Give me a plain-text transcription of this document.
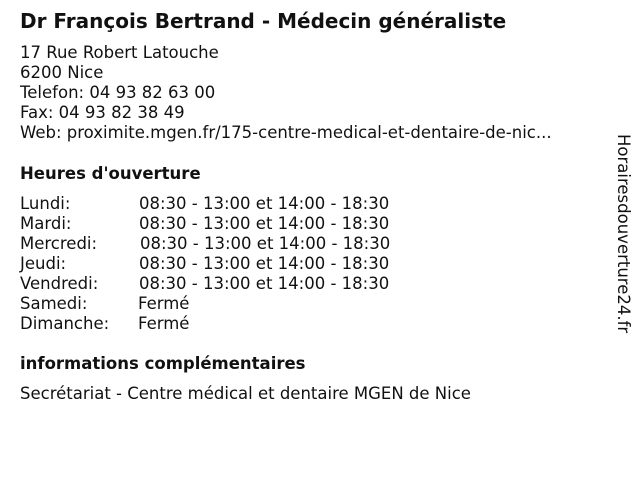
Dr François Bertrand - Médecin généraliste
17 Rue Robert Latouche
6200 Nice
Telefon: 04 93 82 63 00
Fax: 04 93 82 38 49
Web: proximite.mgen.fr/175-centre-medical-et-dentaire-de-nic...
Heures d'ouverture
Lundi:	08:30 - 13:00 et 14:00 - 18:30
Mardi:	08:30 - 13:00 et 14:00 - 18:30
Mercredi:	08:30 - 13:00 et 14:00 - 18:30
Jeudi:	08:30 - 13:00 et 14:00 - 18:30
Vendredi: 08:30 - 13:00 et 14:00 - 18:30
Samedi:	Fermé
Dimanche: Fermé
informations complémentaires
Secrétariat - Centre médical et dentaire MGEN de Nice
Horairesdouverture24.fr
